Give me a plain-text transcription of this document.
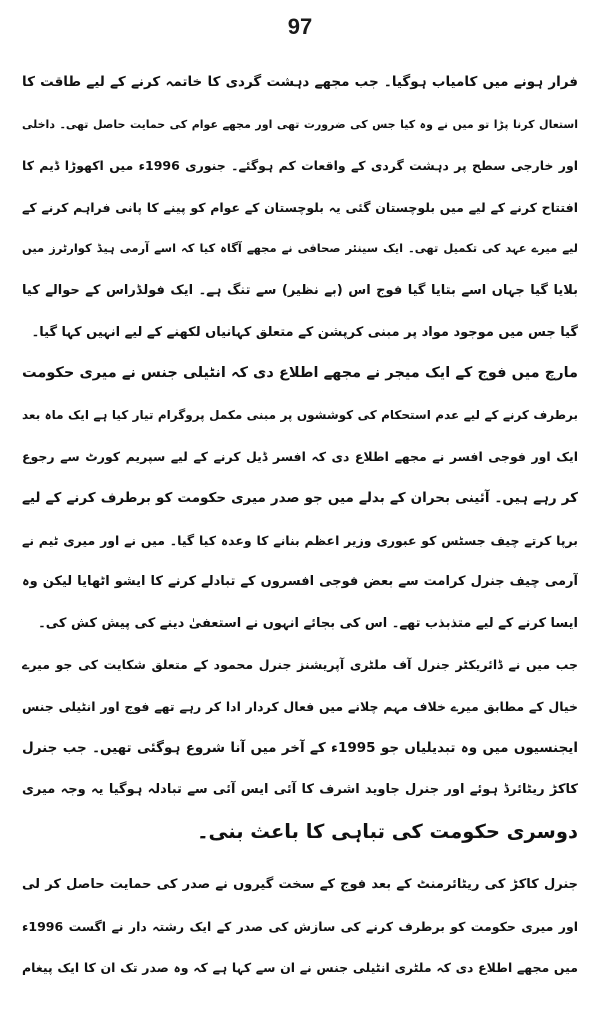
97
فرار ہونے میں کامیاب ہوگیا۔ جب مجھے دہشت گردی کا خاتمہ کرنے کے لیے طاقت کا
استعال کرنا پڑا تو میں نے وہ کیا جس کی ضرورت تھی اور مجھے عوام کی حمایت حاصل تھی۔ داخلی
اور خارجی سطح پر دہشت گردی کے واقعات کم ہوگئے۔ جنوری 1996ء میں اکھوڑا ڈیم کا
افتتاح کرنے کے لیے میں بلوچستان گئی یہ بلوچستان کے عوام کو پینے کا پانی فراہم کرنے کے
لیے میرے عہد کی تکمیل تھی۔ ایک سینئر صحافی نے مجھے آگاہ کیا کہ اسے آرمی ہیڈ کوارٹرز میں
بلایا گیا جہاں اسے بتایا گیا فوج اس (بے نظیر) سے تنگ ہے۔ ایک فولڈراس کے حوالے کیا
گیا جس میں موجود مواد پر مبنی کرپشن کے متعلق کہانیاں لکھنے کے لیے انہیں کہا گیا۔
مارچ میں فوج کے ایک میجر نے مجھے اطلاع دی کہ انٹیلی جنس نے میری حکومت
برطرف کرنے کے لیے عدم استحکام کی کوششوں پر مبنی مکمل پروگرام تیار کیا ہے ایک ماہ بعد
ایک اور فوجی افسر نے مجھے اطلاع دی کہ افسر ڈیل کرنے کے لیے سپریم کورٹ سے رجوع
کر رہے ہیں۔ آئینی بحران کے بدلے میں جو صدر میری حکومت کو برطرف کرنے کے لیے
برپا کرتے چیف جسٹس کو عبوری وزیر اعظم بنانے کا وعدہ کیا گیا۔ میں نے اور میری ٹیم نے
آرمی چیف جنرل کرامت سے بعض فوجی افسروں کے تبادلے کرنے کا ایشو اٹھایا لیکن وہ
ایسا کرنے کے لیے متذبذب تھے۔ اس کی بجائے انہوں نے استعفیٰ دینے کی پیش کش کی۔
جب میں نے ڈائریکٹر جنرل آف ملٹری آپریشنز جنرل محمود کے متعلق شکایت کی جو میرے
خیال کے مطابق میرے خلاف مہم چلانے میں فعال کردار ادا کر رہے تھے فوج اور انٹیلی جنس
ایجنسیوں میں وہ تبدیلیاں جو 1995ء کے آخر میں آنا شروع ہوگئی تھیں۔ جب جنرل
کاکڑ ریٹائرڈ ہوئے اور جنرل جاوید اشرف کا آئی ایس آئی سے تبادلہ ہوگیا یہ وجہ میری
دوسری حکومت کی تباہی کا باعث بنی۔
جنرل کاکڑ کی ریٹائرمنٹ کے بعد فوج کے سخت گیروں نے صدر کی حمایت حاصل کر لی
اور میری حکومت کو برطرف کرنے کی سازش کی صدر کے ایک رشتہ دار نے اگست 1996ء
میں مجھے اطلاع دی کہ ملٹری انٹیلی جنس نے ان سے کہا ہے کہ وہ صدر تک ان کا ایک پیغام
